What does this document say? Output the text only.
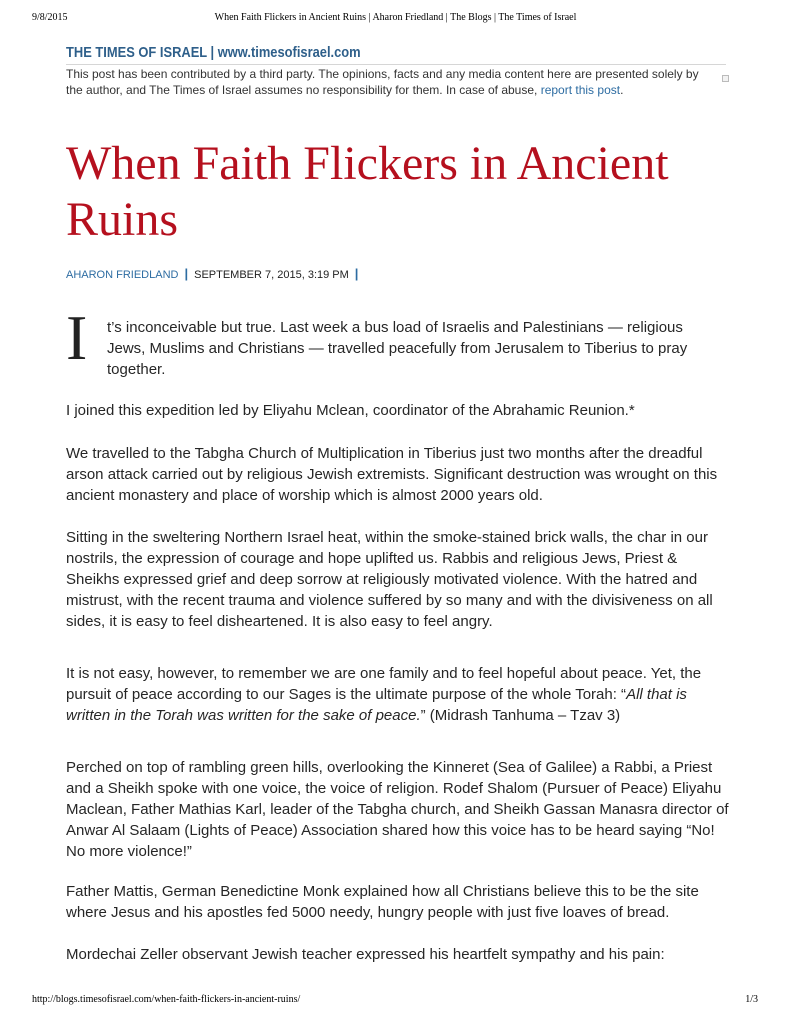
9/8/2015	When Faith Flickers in Ancient Ruins | Aharon Friedland | The Blogs | The Times of Israel
THE TIMES OF ISRAEL | www.timesofisrael.com
This post has been contributed by a third party. The opinions, facts and any media content here are presented solely by the author, and The Times of Israel assumes no responsibility for them. In case of abuse, report this post.
When Faith Flickers in Ancient Ruins
AHARON FRIEDLAND | SEPTEMBER 7, 2015, 3:19 PM |
I t’s inconceivable but true. Last week a bus load of Israelis and Palestinians — religious Jews, Muslims and Christians — travelled peacefully from Jerusalem to Tiberius to pray together.

I joined this expedition led by Eliyahu Mclean, coordinator of the Abrahamic Reunion.*

We travelled to the Tabgha Church of Multiplication in Tiberius just two months after the dreadful arson attack carried out by religious Jewish extremists. Significant destruction was wrought on this ancient monastery and place of worship which is almost 2000 years old.

Sitting in the sweltering Northern Israel heat, within the smoke-stained brick walls, the char in our nostrils, the expression of courage and hope uplifted us. Rabbis and religious Jews, Priest & Sheikhs expressed grief and deep sorrow at religiously motivated violence. With the hatred and mistrust, with the recent trauma and violence suffered by so many and with the divisiveness on all sides, it is easy to feel disheartened. It is also easy to feel angry.

It is not easy, however, to remember we are one family and to feel hopeful about peace. Yet, the pursuit of peace according to our Sages is the ultimate purpose of the whole Torah: “All that is written in the Torah was written for the sake of peace.” (Midrash Tanhuma – Tzav 3)

Perched on top of rambling green hills, overlooking the Kinneret (Sea of Galilee) a Rabbi, a Priest and a Sheikh spoke with one voice, the voice of religion. Rodef Shalom (Pursuer of Peace) Eliyahu Maclean, Father Mathias Karl, leader of the Tabgha church, and Sheikh Gassan Manasra director of Anwar Al Salaam (Lights of Peace) Association shared how this voice has to be heard saying “No! No more violence!”

Father Mattis, German Benedictine Monk explained how all Christians believe this to be the site where Jesus and his apostles fed 5000 needy, hungry people with just five loaves of bread.

Mordechai Zeller observant Jewish teacher expressed his heartfelt sympathy and his pain:

http://blogs.timesofisrael.com/when-faith-flickers-in-ancient-ruins/	1/3
